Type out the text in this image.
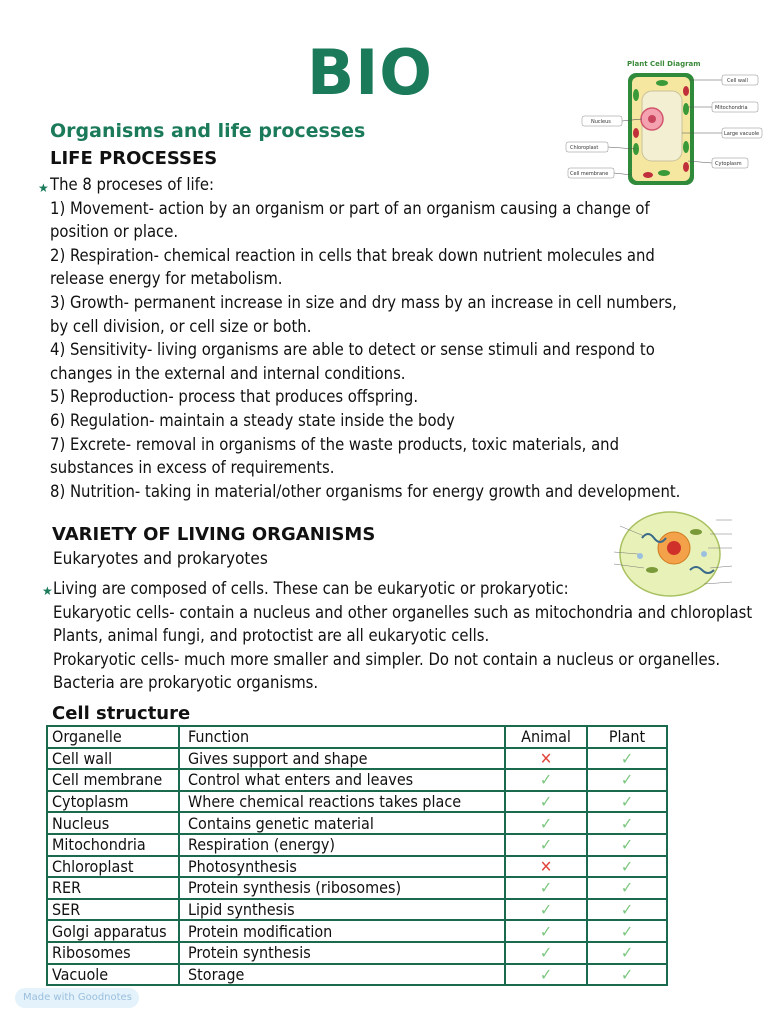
BIO
Organisms and life processes
LIFE PROCESSES
★ The 8 proceses of life:
1) Movement- action by an organism or part of an organism causing a change of
position or place.
2) Respiration- chemical reaction in cells that break down nutrient molecules and
release energy for metabolism.
3) Growth- permanent increase in size and dry mass by an increase in cell numbers,
by cell division, or cell size or both.
4) Sensitivity- living organisms are able to detect or sense stimuli and respond to
changes in the external and internal conditions.
5) Reproduction- process that produces offspring.
6) Regulation- maintain a steady state inside the body
7) Excrete- removal in organisms of the waste products, toxic materials, and
substances in excess of requirements.
8) Nutrition- taking in material/other organisms for energy growth and development.
Plant Cell Diagram
Cell wall
Mitochondria
Nucleus
Large vacuole
Chloroplast
Cytoplasm
Cell membrane
VARIETY OF LIVING ORGANISMS
Eukaryotes and prokaryotes
★ Living are composed of cells. These can be eukaryotic or prokaryotic:
Eukaryotic cells- contain a nucleus and other organelles such as mitochondria and chloroplast
Plants, animal fungi, and protoctist are all eukaryotic cells.
Prokaryotic cells- much more smaller and simpler. Do not contain a nucleus or organelles.
Bacteria are prokaryotic organisms.
Cell structure
Organelle	Function	Animal	Plant
Cell wall	Gives support and shape	✕	✓
Cell membrane	Control what enters and leaves	✓	✓
Cytoplasm	Where chemical reactions takes place	✓	✓
Nucleus	Contains genetic material	✓	✓
Mitochondria	Respiration (energy)	✓	✓
Chloroplast	Photosynthesis	✕	✓
RER	Protein synthesis (ribosomes)	✓	✓
SER	Lipid synthesis	✓	✓
Golgi apparatus	Protein modification	✓	✓
Ribosomes	Protein synthesis	✓	✓
Vacuole	Storage	✓	✓
Made with Goodnotes
